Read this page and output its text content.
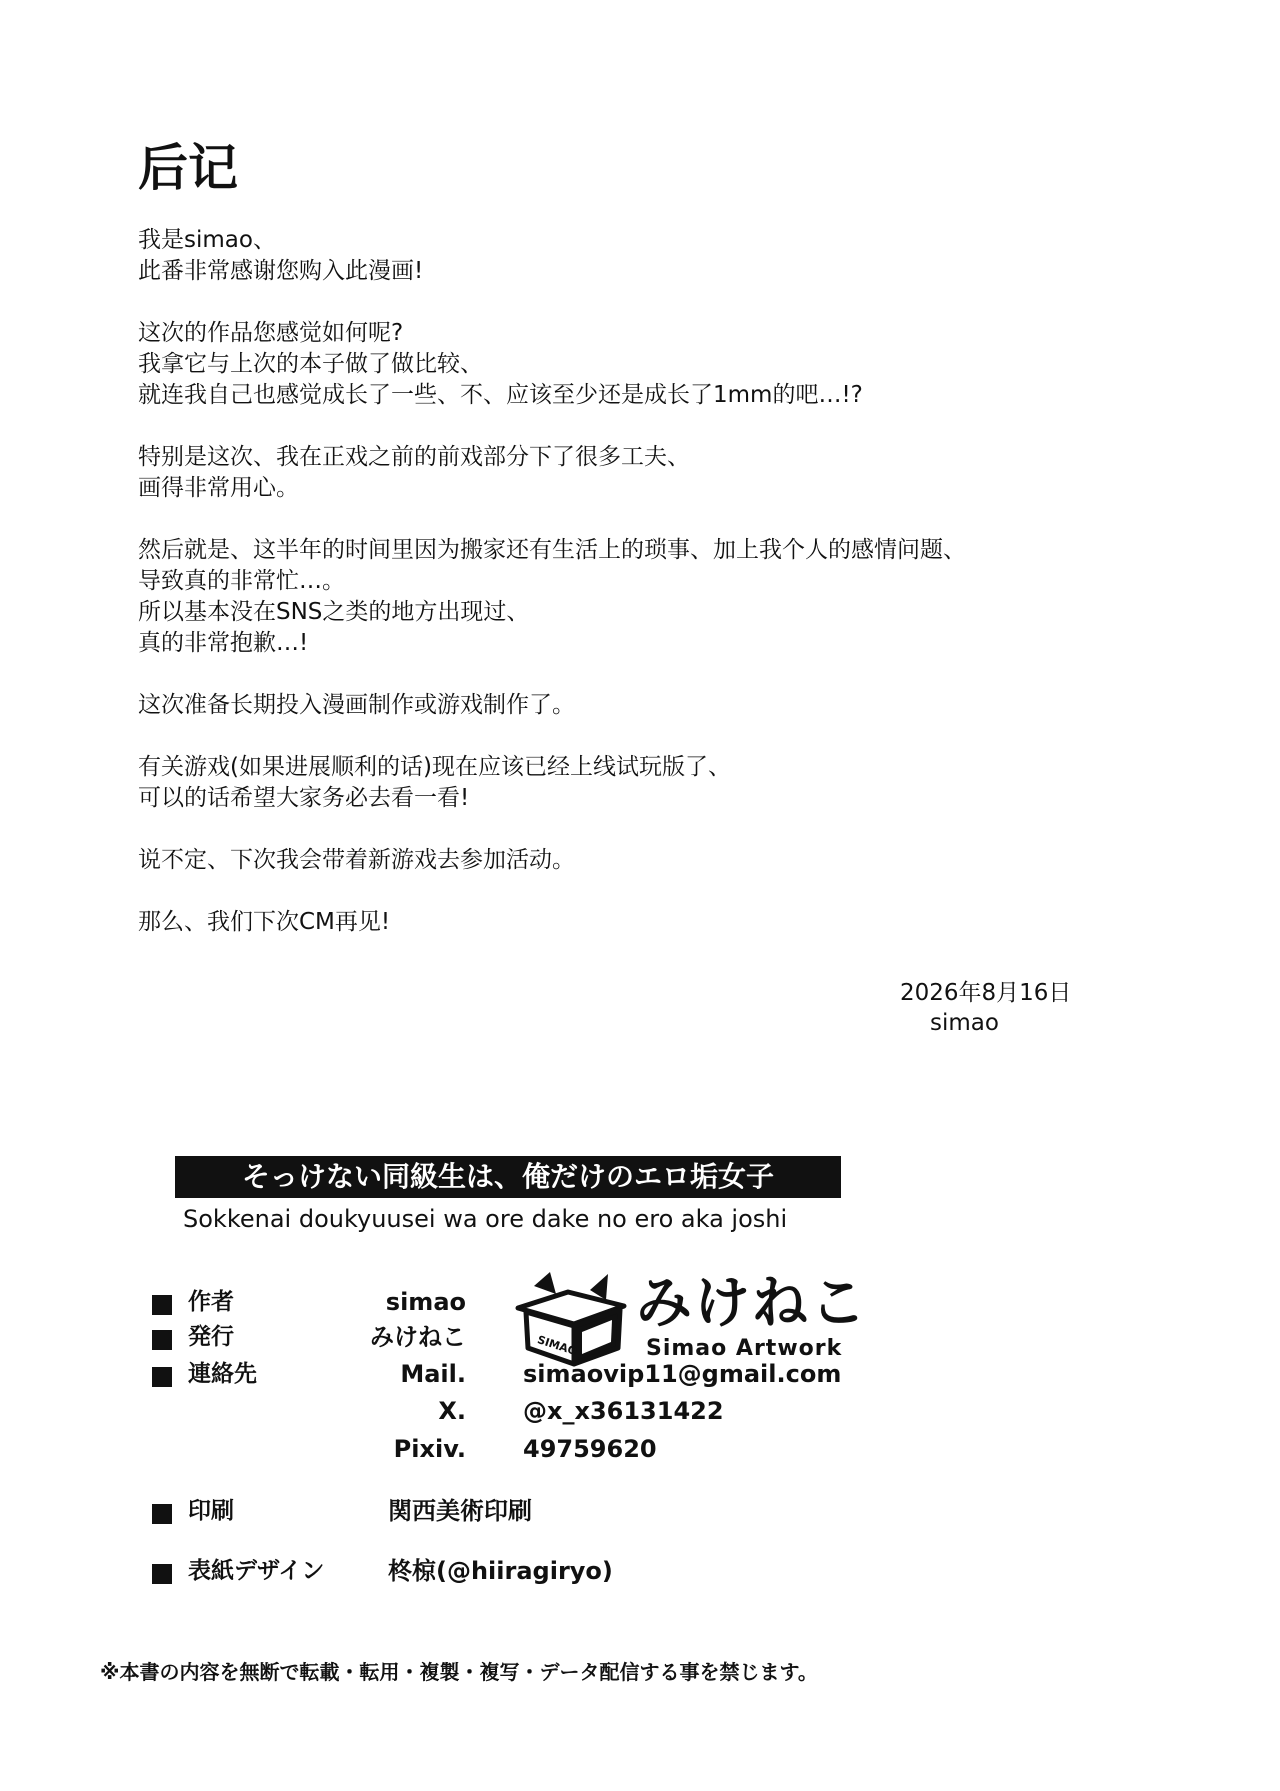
后记

我是simao、
此番非常感谢您购入此漫画!

这次的作品您感觉如何呢?
我拿它与上次的本子做了做比较、
就连我自己也感觉成长了一些、不、应该至少还是成长了1mm的吧…!?

特别是这次、我在正戏之前的前戏部分下了很多工夫、
画得非常用心。

然后就是、这半年的时间里因为搬家还有生活上的琐事、加上我个人的感情问题、
导致真的非常忙…。
所以基本没在SNS之类的地方出现过、
真的非常抱歉…!

这次准备长期投入漫画制作或游戏制作了。

有关游戏(如果进展顺利的话)现在应该已经上线试玩版了、
可以的话希望大家务必去看一看!

说不定、下次我会带着新游戏去参加活动。

那么、我们下次CM再见!

2026年8月16日
simao
そっけない同級生は、俺だけのエロ垢女子
Sokkenai doukyuusei wa ore dake no ero aka joshi
作者	simao
発行	みけねこ
連絡先	Mail. simaovip11@gmail.com
X. @x_x36131422
Pixiv. 49759620
印刷	関西美術印刷
表紙デザイン	柊椋(@hiiragiryo)
SIMAO
みけねこ
Simao Artwork
※本書の内容を無断で転載・転用・複製・複写・データ配信する事を禁じます。
